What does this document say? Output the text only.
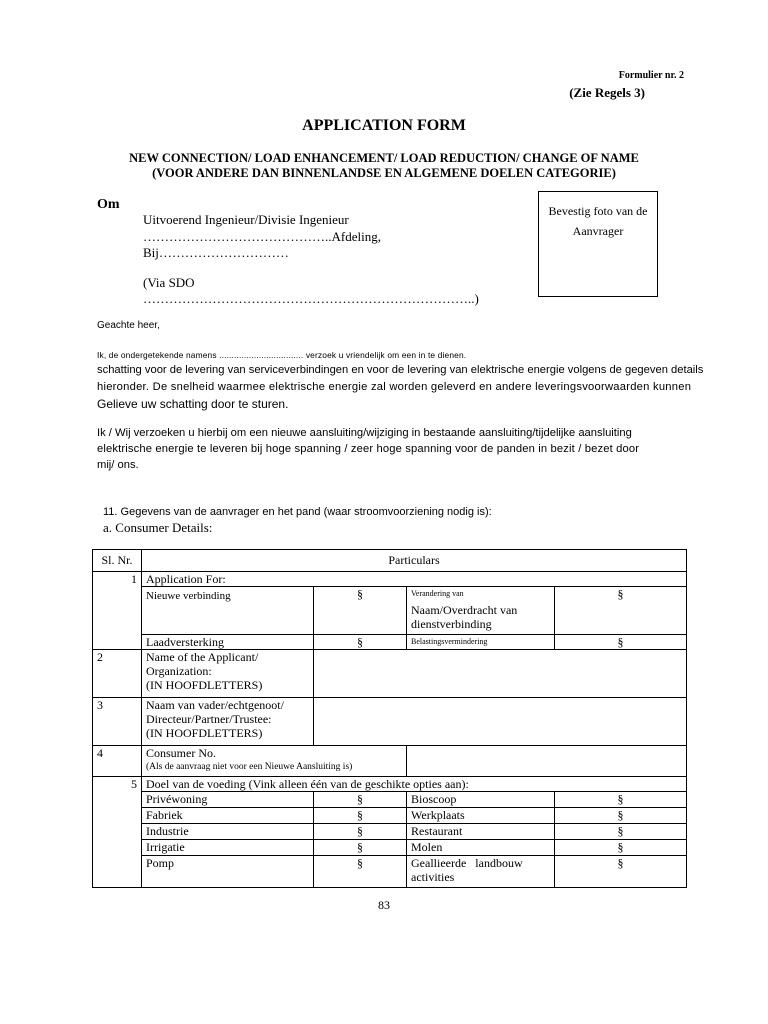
Formulier nr. 2
(Zie Regels 3)
APPLICATION FORM
NEW CONNECTION/ LOAD ENHANCEMENT/ LOAD REDUCTION/ CHANGE OF NAME
(VOOR ANDERE DAN BINNENLANDSE EN ALGEMENE DOELEN CATEGORIE)
Om
Uitvoerend Ingenieur/Divisie Ingenieur
……………………………………..Afdeling,
Bij…………………………
(Via SDO
…………………………………………………………………..)
Bevestig foto van de
Aanvrager
Geachte heer,
Ik, de ondergetekende namens .................................. verzoek u vriendelijk om een in te dienen.
schatting voor de levering van serviceverbindingen en voor de levering van elektrische energie volgens de gegeven details
hieronder. De snelheid waarmee elektrische energie zal worden geleverd en andere leveringsvoorwaarden kunnen
Gelieve uw schatting door te sturen.
Ik / Wij verzoeken u hierbij om een nieuwe aansluiting/wijziging in bestaande aansluiting/tijdelijke aansluiting
elektrische energie te leveren bij hoge spanning / zeer hoge spanning voor de panden in bezit / bezet door
mij/ ons.
11. Gegevens van de aanvrager en het pand (waar stroomvoorziening nodig is):
a. Consumer Details:
Sl. Nr.	Particulars			
1	Application For:			
	Nieuwe verbinding	§	Verandering van
Naam/Overdracht van
dienstverbinding	§
	Laadversterking	§	Belastingsvermindering	§
2	Name of the Applicant/
Organization:
(IN HOOFDLETTERS)			

3	Naam van vader/echtgenoot/
Directeur/Partner/Trustee:
(IN HOOFDLETTERS)			

4	Consumer No.
(Als de aanvraag niet voor een Nieuwe Aansluiting is)			

5	Doel van de voeding (Vink alleen één van de geschikte opties aan):			
	Privéwoning	§	Bioscoop	§
	Fabriek	§	Werkplaats	§
	Industrie	§	Restaurant	§
	Irrigatie	§	Molen	§
	Pomp	§	Geallieerde   landbouw
activities	§
83
